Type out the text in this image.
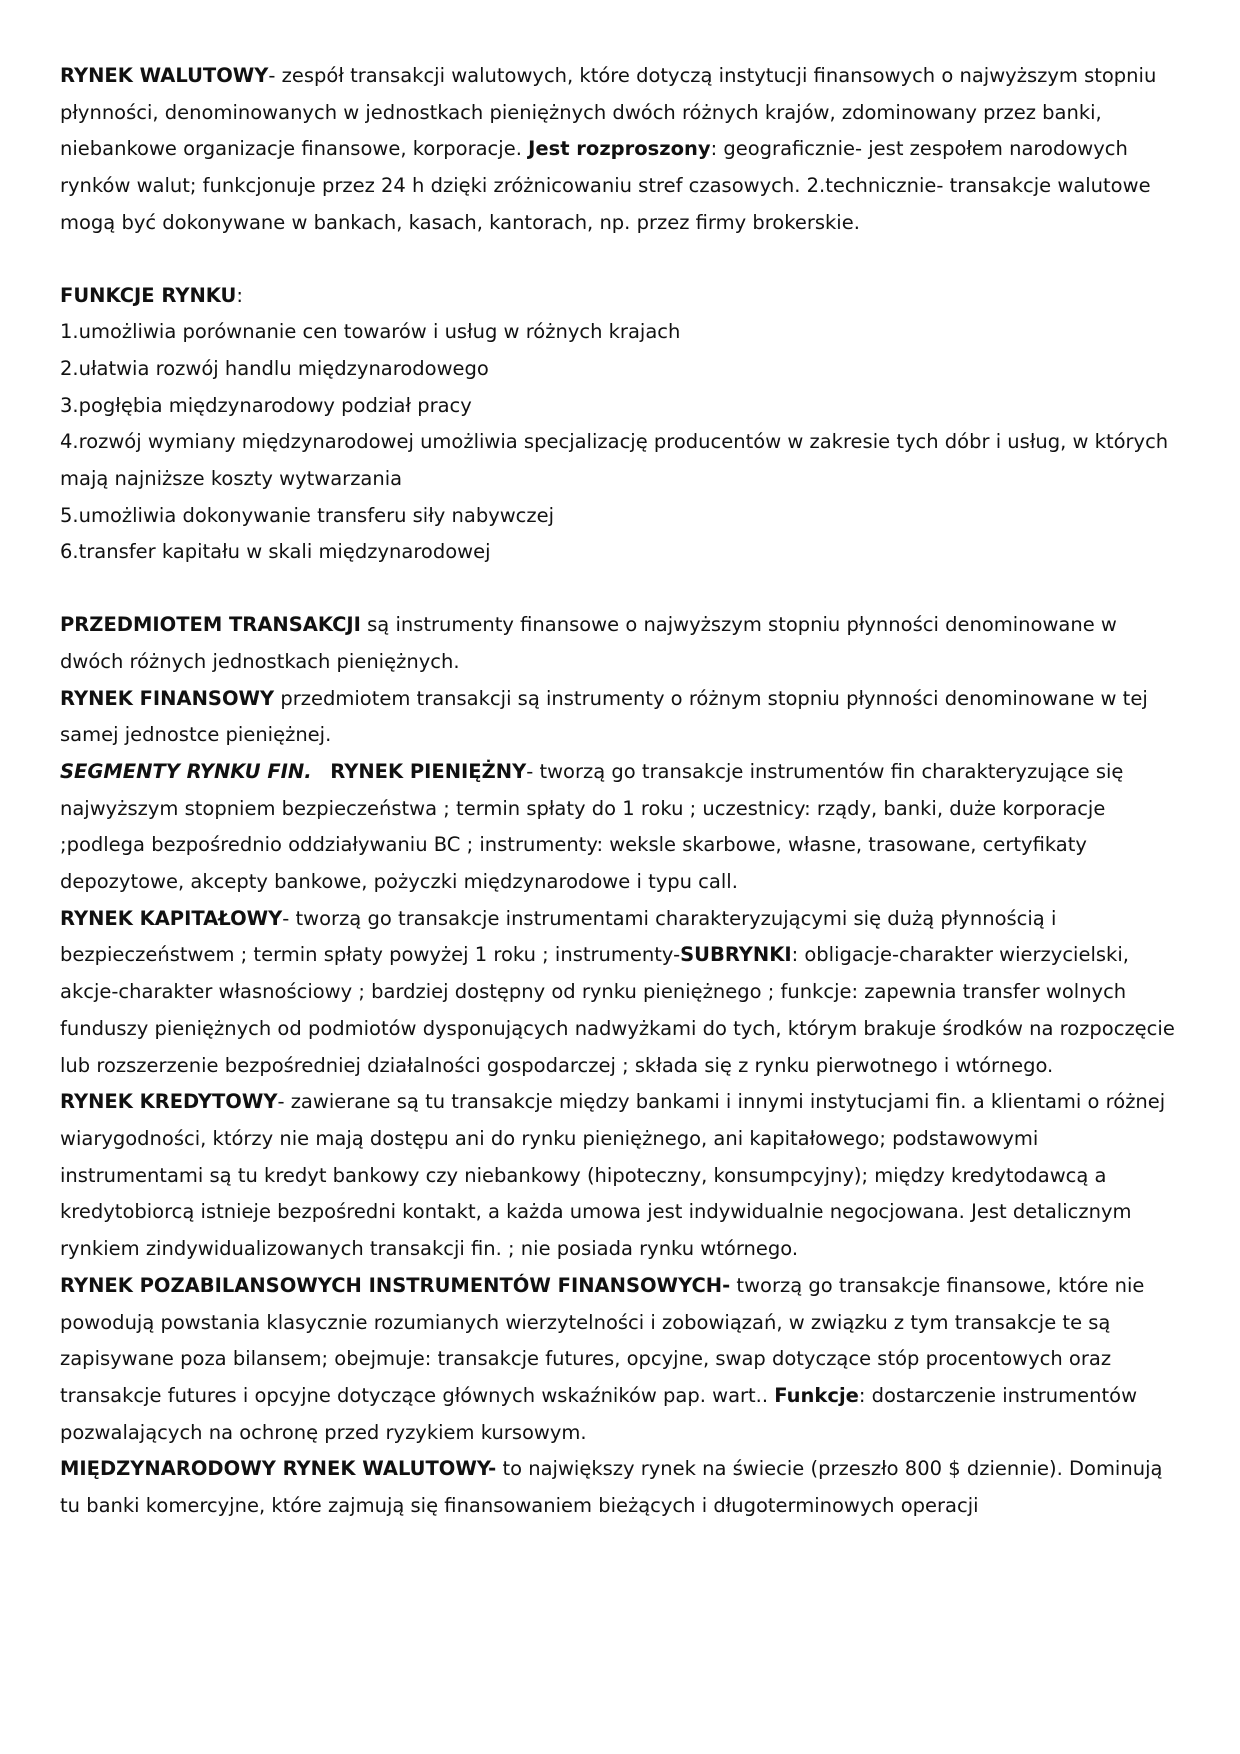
RYNEK WALUTOWY- zespół transakcji walutowych, które dotyczą instytucji finansowych o najwyższym stopniu płynności, denominowanych w jednostkach pieniężnych dwóch różnych krajów, zdominowany przez banki, niebankowe organizacje finansowe, korporacje. Jest rozproszony: geograficznie- jest zespołem narodowych rynków walut; funkcjonuje przez 24 h dzięki zróżnicowaniu stref czasowych. 2.technicznie- transakcje walutowe mogą być dokonywane w bankach, kasach, kantorach, np. przez firmy brokerskie.

FUNKCJE RYNKU:
1.umożliwia porównanie cen towarów i usług w różnych krajach
2.ułatwia rozwój handlu międzynarodowego
3.pogłębia międzynarodowy podział pracy

4.rozwój wymiany międzynarodowej umożliwia specjalizację producentów w zakresie tych dóbr i usług, w których mają najniższe koszty wytwarzania

5.umożliwia dokonywanie transferu siły nabywczej
6.transfer kapitału w skali międzynarodowej

PRZEDMIOTEM TRANSAKCJI są instrumenty finansowe o najwyższym stopniu płynności denominowane w dwóch różnych jednostkach pieniężnych.

RYNEK FINANSOWY przedmiotem transakcji są instrumenty o różnym stopniu płynności denominowane w tej samej jednostce pieniężnej.

SEGMENTY RYNKU FIN. RYNEK PIENIĘŻNY- tworzą go transakcje instrumentów fin charakteryzujące się najwyższym stopniem bezpieczeństwa ; termin spłaty do 1 roku ; uczestnicy: rządy, banki, duże korporacje ;podlega bezpośrednio oddziaływaniu BC ; instrumenty: weksle skarbowe, własne, trasowane, certyfikaty depozytowe, akcepty bankowe, pożyczki międzynarodowe i typu call.

RYNEK KAPITAŁOWY- tworzą go transakcje instrumentami charakteryzującymi się dużą płynnością i bezpieczeństwem ; termin spłaty powyżej 1 roku ; instrumenty-SUBRYNKI: obligacje-charakter wierzycielski, akcje-charakter własnościowy ; bardziej dostępny od rynku pieniężnego ; funkcje: zapewnia transfer wolnych funduszy pieniężnych od podmiotów dysponujących nadwyżkami do tych, którym brakuje środków na rozpoczęcie lub rozszerzenie bezpośredniej działalności gospodarczej ; składa się z rynku pierwotnego i wtórnego.

RYNEK KREDYTOWY- zawierane są tu transakcje między bankami i innymi instytucjami fin. a klientami o różnej wiarygodności, którzy nie mają dostępu ani do rynku pieniężnego, ani kapitałowego; podstawowymi instrumentami są tu kredyt bankowy czy niebankowy (hipoteczny, konsumpcyjny); między kredytodawcą a kredytobiorcą istnieje bezpośredni kontakt, a każda umowa jest indywidualnie negocjowana. Jest detalicznym rynkiem zindywidualizowanych transakcji fin. ; nie posiada rynku wtórnego.

RYNEK POZABILANSOWYCH INSTRUMENTÓW FINANSOWYCH- tworzą go transakcje finansowe, które nie powodują powstania klasycznie rozumianych wierzytelności i zobowiązań, w związku z tym transakcje te są zapisywane poza bilansem; obejmuje: transakcje futures, opcyjne, swap dotyczące stóp procentowych oraz transakcje futures i opcyjne dotyczące głównych wskaźników pap. wart.. Funkcje: dostarczenie instrumentów pozwalających na ochronę przed ryzykiem kursowym.

MIĘDZYNARODOWY RYNEK WALUTOWY- to największy rynek na świecie (przeszło 800 $ dziennie). Dominują tu banki komercyjne, które zajmują się finansowaniem bieżących i długoterminowych operacji
